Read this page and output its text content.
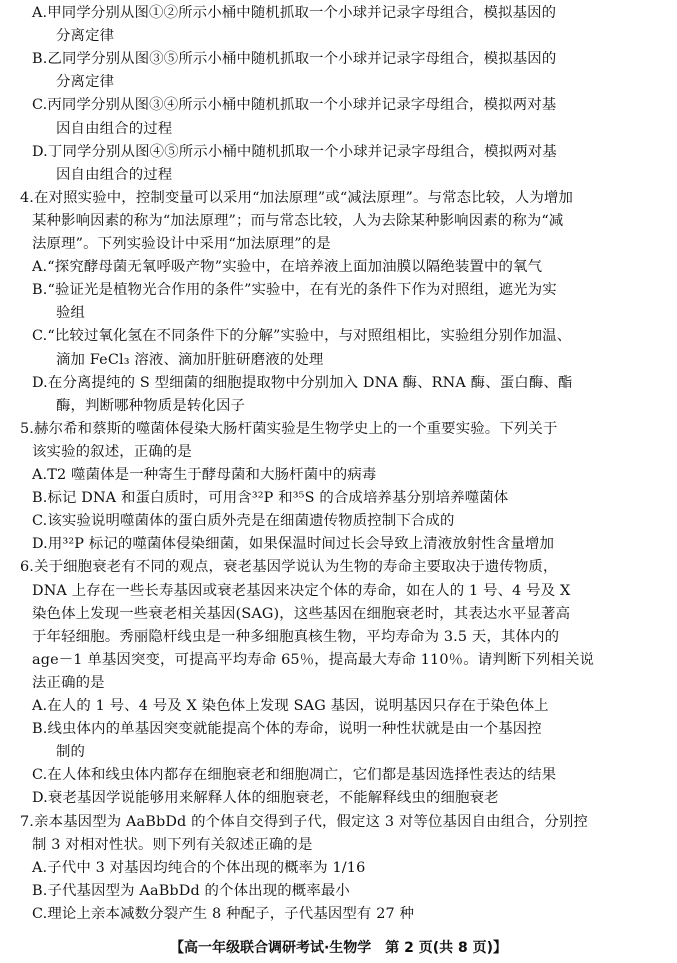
A.甲同学分别从图①②所示小桶中随机抓取一个小球并记录字母组合，模拟基因的
分离定律
B.乙同学分别从图③⑤所示小桶中随机抓取一个小球并记录字母组合，模拟基因的
分离定律
C.丙同学分别从图③④所示小桶中随机抓取一个小球并记录字母组合，模拟两对基
因自由组合的过程
D.丁同学分别从图④⑤所示小桶中随机抓取一个小球并记录字母组合，模拟两对基
因自由组合的过程
4.在对照实验中，控制变量可以采用“加法原理”或“减法原理”。与常态比较，人为增加
某种影响因素的称为“加法原理”；而与常态比较，人为去除某种影响因素的称为“减
法原理”。下列实验设计中采用“加法原理”的是
A.“探究酵母菌无氧呼吸产物”实验中，在培养液上面加油膜以隔绝装置中的氧气
B.“验证光是植物光合作用的条件”实验中，在有光的条件下作为对照组，遮光为实
验组
C.“比较过氧化氢在不同条件下的分解”实验中，与对照组相比，实验组分别作加温、
滴加 FeCl₃ 溶液、滴加肝脏研磨液的处理
D.在分离提纯的 S 型细菌的细胞提取物中分别加入 DNA 酶、RNA 酶、蛋白酶、酯
酶，判断哪种物质是转化因子
5.赫尔希和蔡斯的噬菌体侵染大肠杆菌实验是生物学史上的一个重要实验。下列关于
该实验的叙述，正确的是
A.T2 噬菌体是一种寄生于酵母菌和大肠杆菌中的病毒
B.标记 DNA 和蛋白质时，可用含³²P 和³⁵S 的合成培养基分别培养噬菌体
C.该实验说明噬菌体的蛋白质外壳是在细菌遗传物质控制下合成的
D.用³²P 标记的噬菌体侵染细菌，如果保温时间过长会导致上清液放射性含量增加
6.关于细胞衰老有不同的观点，衰老基因学说认为生物的寿命主要取决于遗传物质，
DNA 上存在一些长寿基因或衰老基因来决定个体的寿命，如在人的 1 号、4 号及 X
染色体上发现一些衰老相关基因(SAG)，这些基因在细胞衰老时，其表达水平显著高
于年轻细胞。秀丽隐杆线虫是一种多细胞真核生物，平均寿命为 3.5 天，其体内的
age－1 单基因突变，可提高平均寿命 65％，提高最大寿命 110％。请判断下列相关说
法正确的是
A.在人的 1 号、4 号及 X 染色体上发现 SAG 基因，说明基因只存在于染色体上
B.线虫体内的单基因突变就能提高个体的寿命，说明一种性状就是由一个基因控
制的
C.在人体和线虫体内都存在细胞衰老和细胞凋亡，它们都是基因选择性表达的结果
D.衰老基因学说能够用来解释人体的细胞衰老，不能解释线虫的细胞衰老
7.亲本基因型为 AaBbDd 的个体自交得到子代，假定这 3 对等位基因自由组合，分别控
制 3 对相对性状。则下列有关叙述正确的是
A.子代中 3 对基因均纯合的个体出现的概率为 1/16
B.子代基因型为 AaBbDd 的个体出现的概率最小
C.理论上亲本减数分裂产生 8 种配子，子代基因型有 27 种
【高一年级联合调研考试·生物学　第 2 页(共 8 页)】
